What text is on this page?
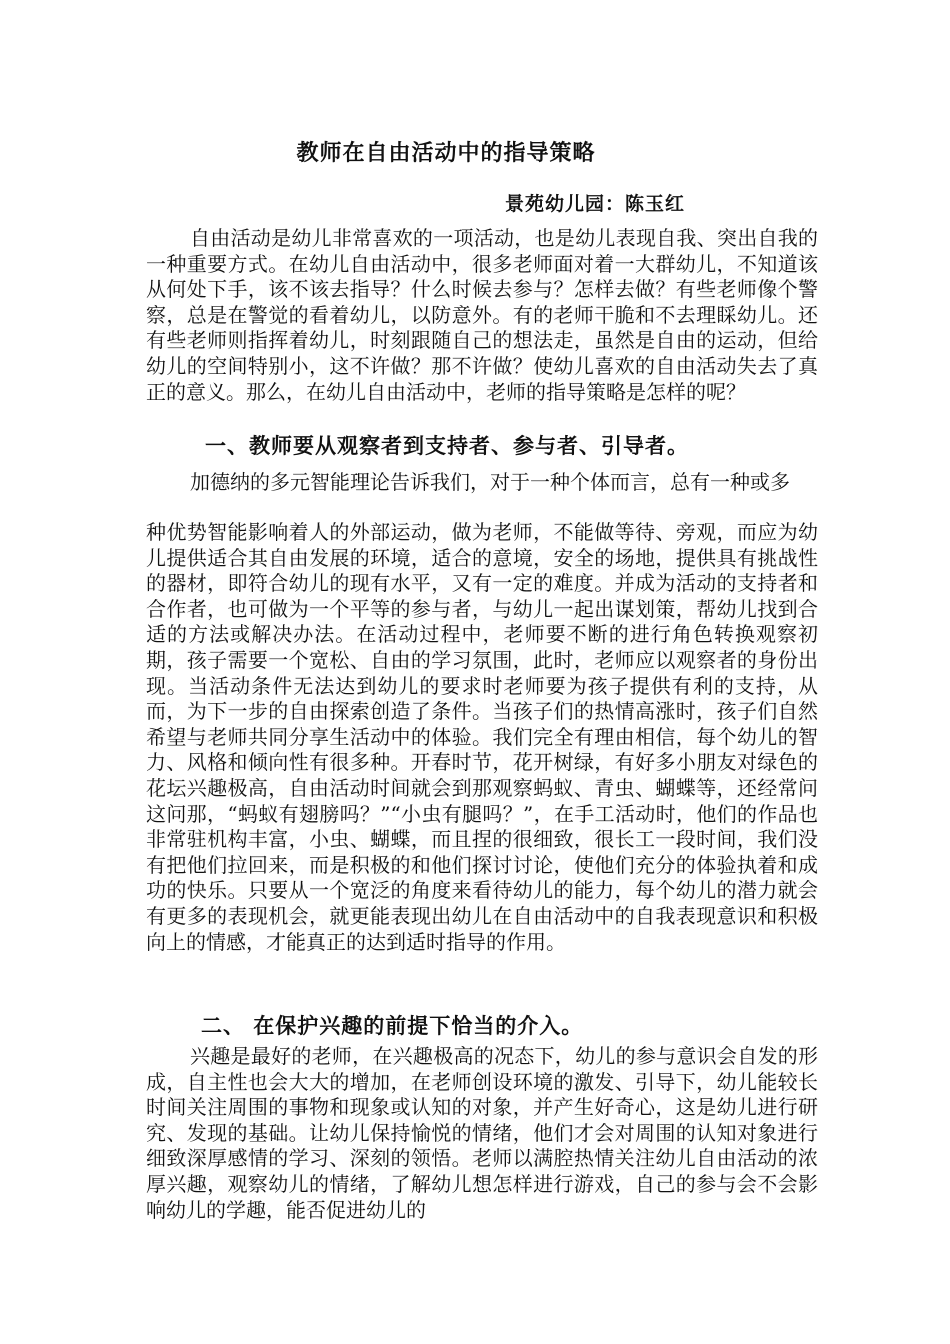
教师在自由活动中的指导策略

景苑幼儿园：陈玉红

自由活动是幼儿非常喜欢的一项活动，也是幼儿表现自我、突出自我的一种重要方式。在幼儿自由活动中，很多老师面对着一大群幼儿，不知道该从何处下手，该不该去指导？什么时候去参与？怎样去做？有些老师像个警察，总是在警觉的看着幼儿，以防意外。有的老师干脆和不去理睬幼儿。还有些老师则指挥着幼儿，时刻跟随自己的想法走，虽然是自由的运动，但给幼儿的空间特别小，这不许做？那不许做？使幼儿喜欢的自由活动失去了真正的意义。那么，在幼儿自由活动中，老师的指导策略是怎样的呢？

一、教师要从观察者到支持者、参与者、引导者。

加德纳的多元智能理论告诉我们，对于一种个体而言，总有一种或多

种优势智能影响着人的外部运动，做为老师，不能做等待、旁观，而应为幼儿提供适合其自由发展的环境，适合的意境，安全的场地，提供具有挑战性的器材，即符合幼儿的现有水平，又有一定的难度。并成为活动的支持者和合作者，也可做为一个平等的参与者，与幼儿一起出谋划策，帮幼儿找到合适的方法或解决办法。在活动过程中，老师要不断的进行角色转换观察初期，孩子需要一个宽松、自由的学习氛围，此时，老师应以观察者的身份出现。当活动条件无法达到幼儿的要求时老师要为孩子提供有利的支持，从而，为下一步的自由探索创造了条件。当孩子们的热情高涨时，孩子们自然希望与老师共同分享生活动中的体验。我们完全有理由相信，每个幼儿的智力、风格和倾向性有很多种。开春时节，花开树绿，有好多小朋友对绿色的花坛兴趣极高，自由活动时间就会到那观察蚂蚁、青虫、蝴蝶等，还经常问这问那，“蚂蚁有翅膀吗？”“小虫有腿吗？”，在手工活动时，他们的作品也非常驻机构丰富，小虫、蝴蝶，而且捏的很细致，很长工一段时间，我们没有把他们拉回来，而是积极的和他们探讨讨论，使他们充分的体验执着和成功的快乐。只要从一个宽泛的角度来看待幼儿的能力，每个幼儿的潜力就会有更多的表现机会，就更能表现出幼儿在自由活动中的自我表现意识和积极向上的情感，才能真正的达到适时指导的作用。

二、 在保护兴趣的前提下恰当的介入。

兴趣是最好的老师，在兴趣极高的况态下，幼儿的参与意识会自发的形成，自主性也会大大的增加，在老师创设环境的激发、引导下，幼儿能较长时间关注周围的事物和现象或认知的对象，并产生好奇心，这是幼儿进行研究、发现的基础。让幼儿保持愉悦的情绪，他们才会对周围的认知对象进行细致深厚感情的学习、深刻的领悟。老师以满腔热情关注幼儿自由活动的浓厚兴趣，观察幼儿的情绪，了解幼儿想怎样进行游戏，自己的参与会不会影响幼儿的学趣，能否促进幼儿的
